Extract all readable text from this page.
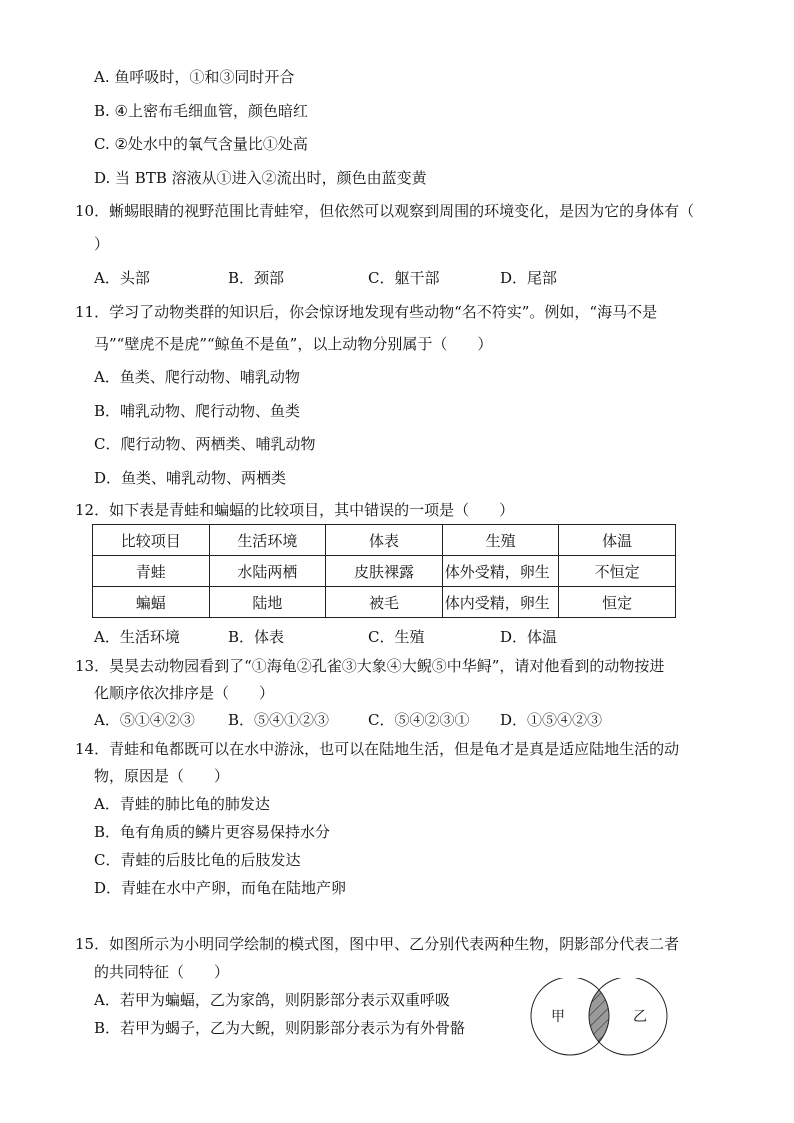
A. 鱼呼吸时，①和③同时开合
B. ④上密布毛细血管，颜色暗红
C. ②处水中的氧气含量比①处高
D. 当 BTB 溶液从①进入②流出时，颜色由蓝变黄
10．蜥蜴眼睛的视野范围比青蛙窄，但依然可以观察到周围的环境变化，是因为它的身体有（
）
A．头部	B．颈部	C．躯干部	D．尾部
11．学习了动物类群的知识后，你会惊讶地发现有些动物“名不符实”。例如，“海马不是
马”“壁虎不是虎”“鲸鱼不是鱼”，以上动物分别属于（　　）
A．鱼类、爬行动物、哺乳动物
B．哺乳动物、爬行动物、鱼类
C．爬行动物、两栖类、哺乳动物
D．鱼类、哺乳动物、两栖类
12．如下表是青蛙和蝙蝠的比较项目，其中错误的一项是（　　）
比较项目	生活环境	体表	生殖	体温
青蛙	水陆两栖	皮肤裸露	体外受精，卵生	不恒定
蝙蝠	陆地	被毛	体内受精，卵生	恒定
A．生活环境	B．体表	C．生殖	D．体温
13．昊昊去动物园看到了“①海龟②孔雀③大象④大鲵⑤中华鲟”，请对他看到的动物按进
化顺序依次排序是（　　）
A．⑤①④②③ B．⑤④①②③	C．⑤④②③① D．①⑤④②③
14．青蛙和龟都既可以在水中游泳，也可以在陆地生活，但是龟才是真是适应陆地生活的动
物，原因是（　　）
A．青蛙的肺比龟的肺发达
B．龟有角质的鳞片更容易保持水分
C．青蛙的后肢比龟的后肢发达
D．青蛙在水中产卵，而龟在陆地产卵
15．如图所示为小明同学绘制的模式图，图中甲、乙分别代表两种生物，阴影部分代表二者
的共同特征（　　）
A．若甲为蝙蝠，乙为家鸽，则阴影部分表示双重呼吸
B．若甲为蝎子，乙为大鲵，则阴影部分表示为有外骨骼
甲	乙
